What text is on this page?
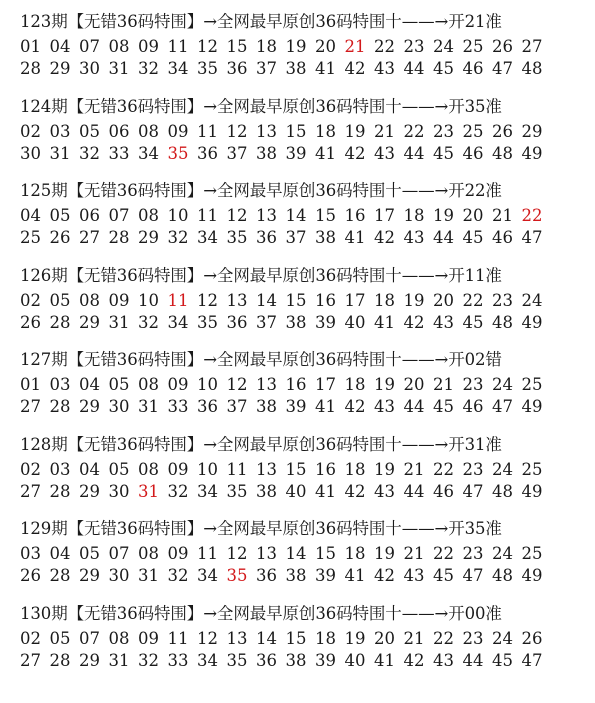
123期【无错36码特围】→全网最早原创36码特围十——→开21准
01 04 07 08 09 11 12 15 18 19 20 21 22 23 24 25 26 27
28 29 30 31 32 34 35 36 37 38 41 42 43 44 45 46 47 48
124期【无错36码特围】→全网最早原创36码特围十——→开35准
02 03 05 06 08 09 11 12 13 15 18 19 21 22 23 25 26 29
30 31 32 33 34 35 36 37 38 39 41 42 43 44 45 46 48 49
125期【无错36码特围】→全网最早原创36码特围十——→开22准
04 05 06 07 08 10 11 12 13 14 15 16 17 18 19 20 21 22
25 26 27 28 29 32 34 35 36 37 38 41 42 43 44 45 46 47
126期【无错36码特围】→全网最早原创36码特围十——→开11准
02 05 08 09 10 11 12 13 14 15 16 17 18 19 20 22 23 24
26 28 29 31 32 34 35 36 37 38 39 40 41 42 43 45 48 49
127期【无错36码特围】→全网最早原创36码特围十——→开02错
01 03 04 05 08 09 10 12 13 16 17 18 19 20 21 23 24 25
27 28 29 30 31 33 36 37 38 39 41 42 43 44 45 46 47 49
128期【无错36码特围】→全网最早原创36码特围十——→开31准
02 03 04 05 08 09 10 11 13 15 16 18 19 21 22 23 24 25
27 28 29 30 31 32 34 35 38 40 41 42 43 44 46 47 48 49
129期【无错36码特围】→全网最早原创36码特围十——→开35准
03 04 05 07 08 09 11 12 13 14 15 18 19 21 22 23 24 25
26 28 29 30 31 32 34 35 36 38 39 41 42 43 45 47 48 49
130期【无错36码特围】→全网最早原创36码特围十——→开00准
02 05 07 08 09 11 12 13 14 15 18 19 20 21 22 23 24 26
27 28 29 31 32 33 34 35 36 38 39 40 41 42 43 44 45 47
